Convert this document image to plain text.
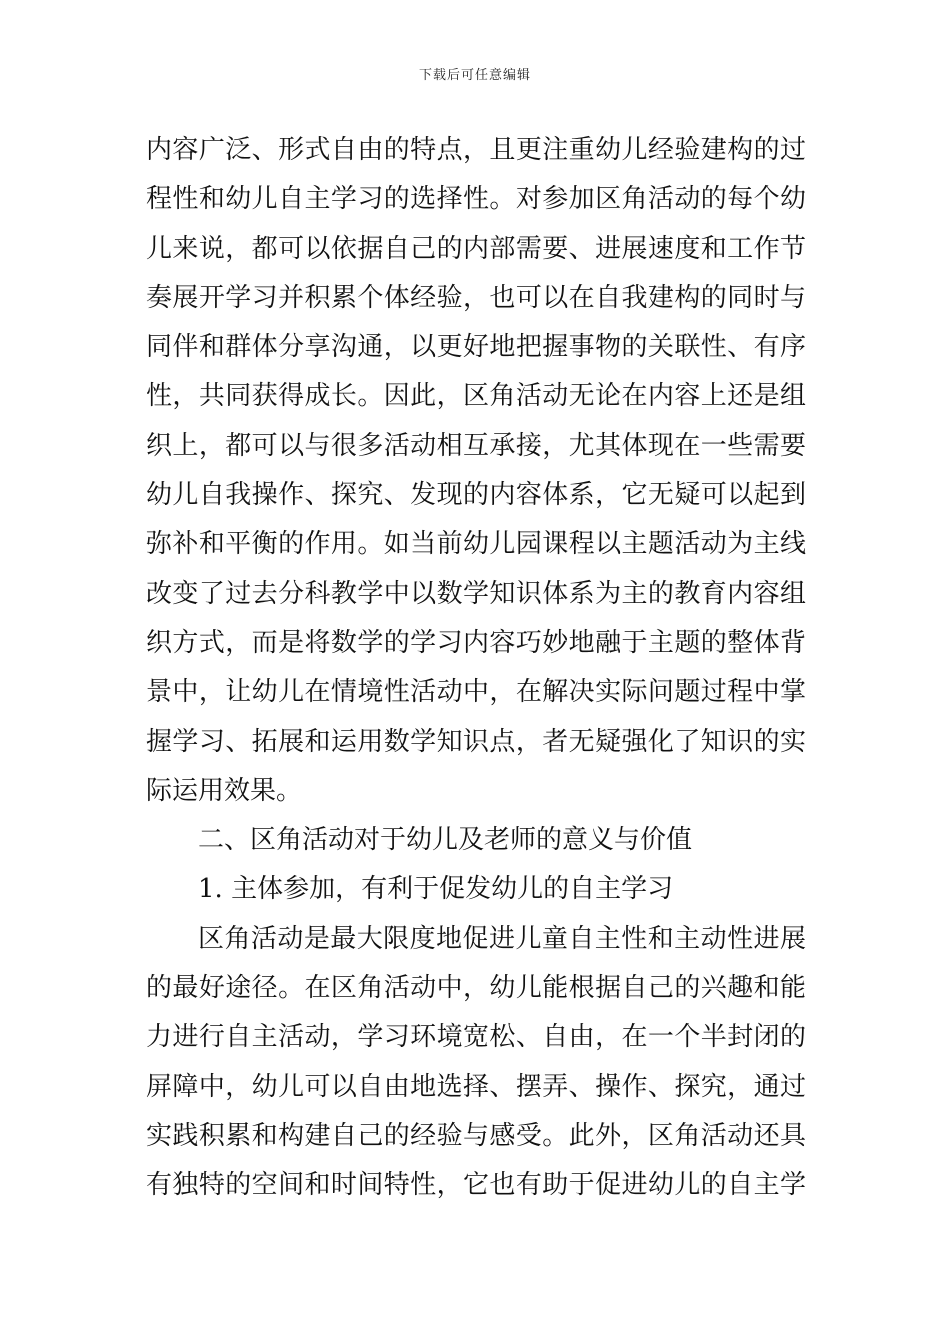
下载后可任意编辑
内容广泛、形式自由的特点，且更注重幼儿经验建构的过
程性和幼儿自主学习的选择性。对参加区角活动的每个幼
儿来说，都可以依据自己的内部需要、进展速度和工作节
奏展开学习并积累个体经验，也可以在自我建构的同时与
同伴和群体分享沟通，以更好地把握事物的关联性、有序
性，共同获得成长。因此，区角活动无论在内容上还是组
织上，都可以与很多活动相互承接，尤其体现在一些需要
幼儿自我操作、探究、发现的内容体系，它无疑可以起到
弥补和平衡的作用。如当前幼儿园课程以主题活动为主线
改变了过去分科教学中以数学知识体系为主的教育内容组
织方式，而是将数学的学习内容巧妙地融于主题的整体背
景中，让幼儿在情境性活动中，在解决实际问题过程中掌
握学习、拓展和运用数学知识点，者无疑强化了知识的实
际运用效果。
二、区角活动对于幼儿及老师的意义与价值
1. 主体参加，有利于促发幼儿的自主学习
区角活动是最大限度地促进儿童自主性和主动性进展
的最好途径。在区角活动中，幼儿能根据自己的兴趣和能
力进行自主活动，学习环境宽松、自由，在一个半封闭的
屏障中，幼儿可以自由地选择、摆弄、操作、探究，通过
实践积累和构建自己的经验与感受。此外，区角活动还具
有独特的空间和时间特性，它也有助于促进幼儿的自主学
